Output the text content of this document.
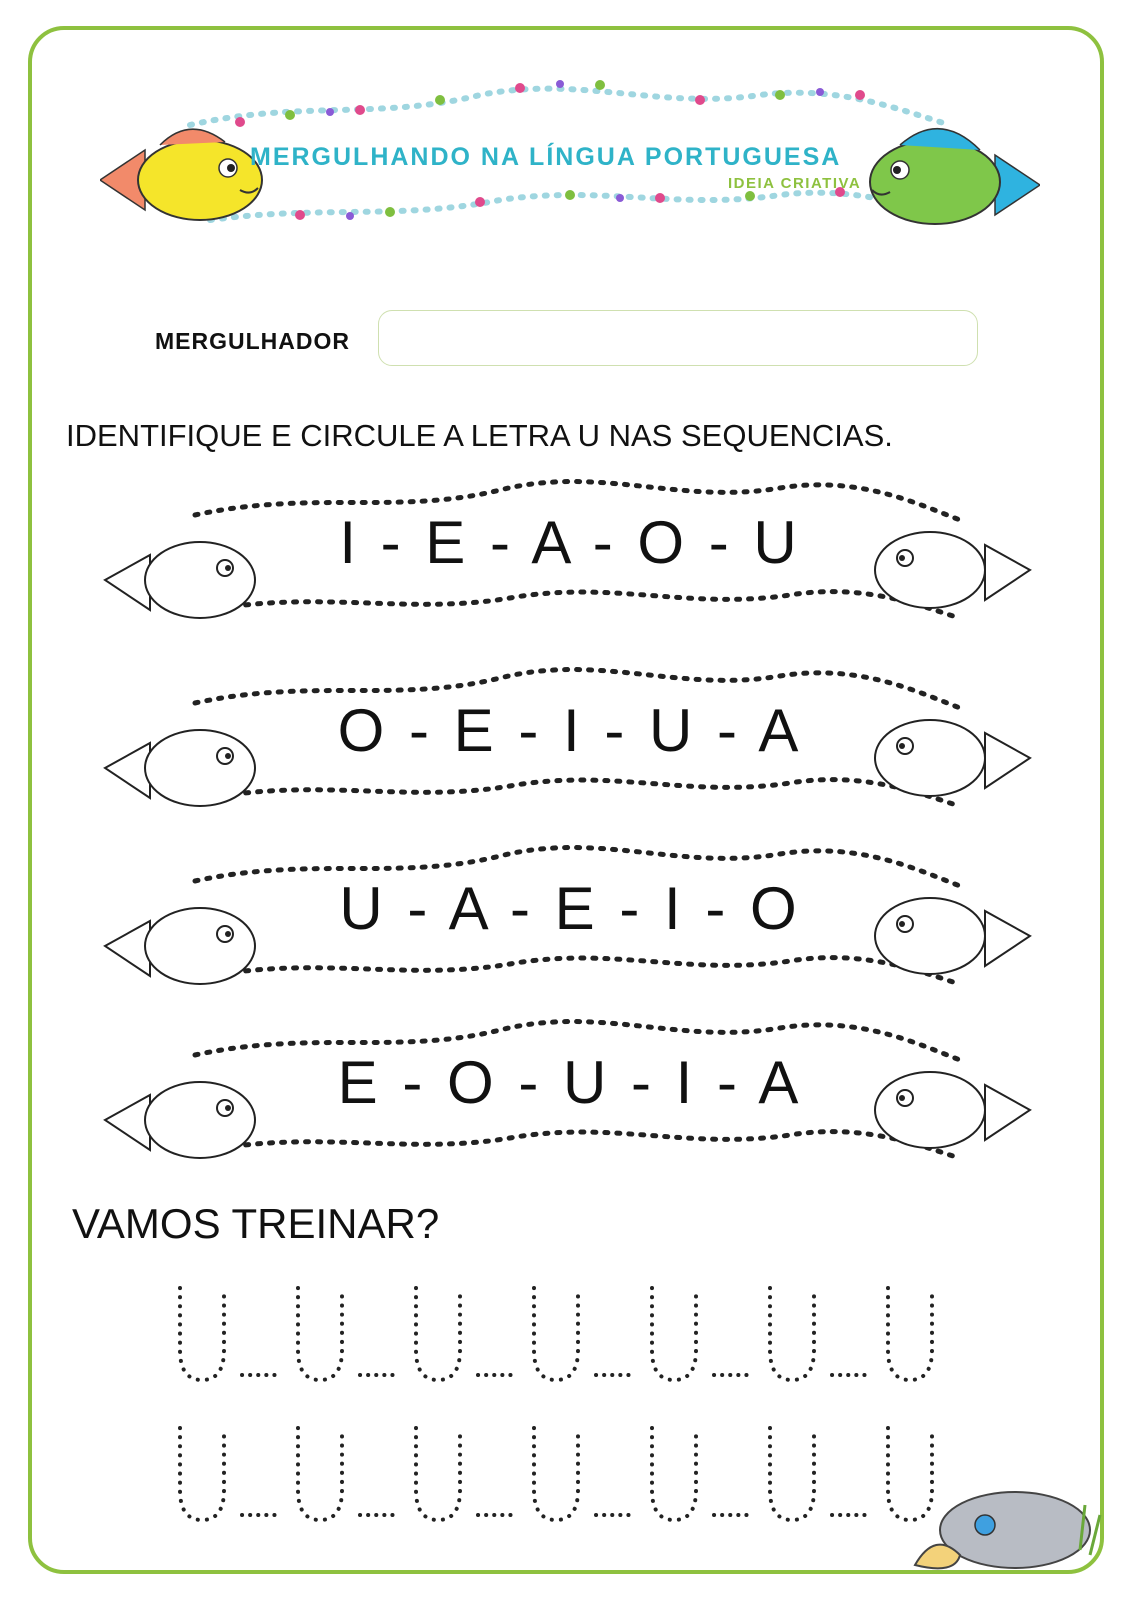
MERGULHANDO NA LÍNGUA PORTUGUESA
IDEIA CRIATIVA
MERGULHADOR
IDENTIFIQUE E CIRCULE A LETRA U NAS SEQUENCIAS.
I - E - A - O - U
O - E - I - U - A
U - A - E - I - O
E - O - U - I - A
VAMOS TREINAR?
